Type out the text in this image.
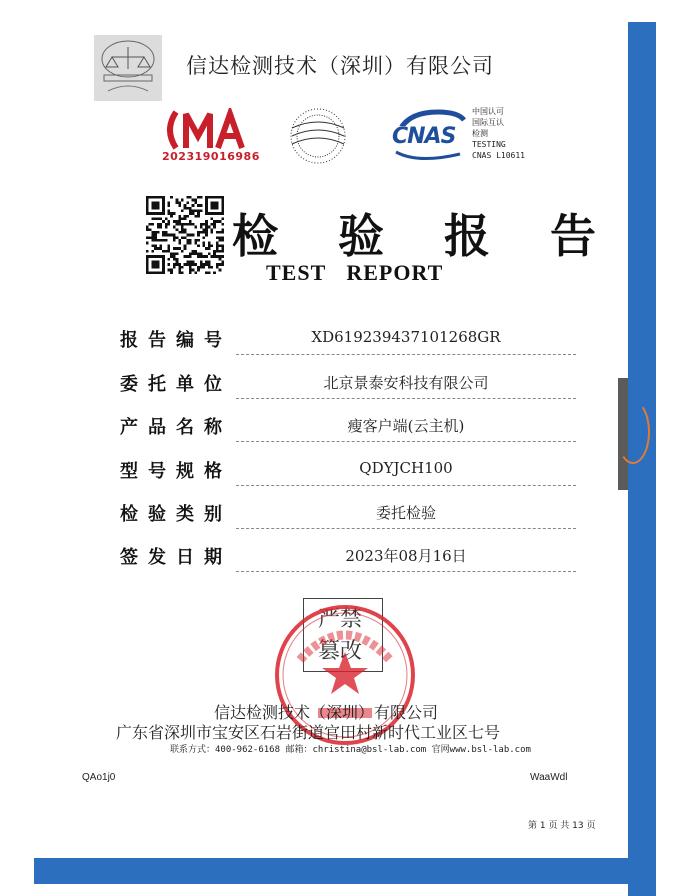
信达检测技术（深圳）有限公司
202319016986
CNAS
中国认可
国际互认
检测
TESTING
CNAS L10611
检 验 报 告
TEST REPORT
报告编号	XD619239437101268GR
委托单位	北京景泰安科技有限公司
产品名称	瘦客户端(云主机)
型号规格	QDYJCH100
检验类别	委托检验
签发日期	2023年08月16日
严禁
篡改
信达检测技术（深圳）有限公司
广东省深圳市宝安区石岩街道官田村新时代工业区七号
联系方式：400-962-6168 邮箱：christina@bsl-lab.com 官网www.bsl-lab.com
QAo1j0	WaaWdl
第 1 页 共 13 页
